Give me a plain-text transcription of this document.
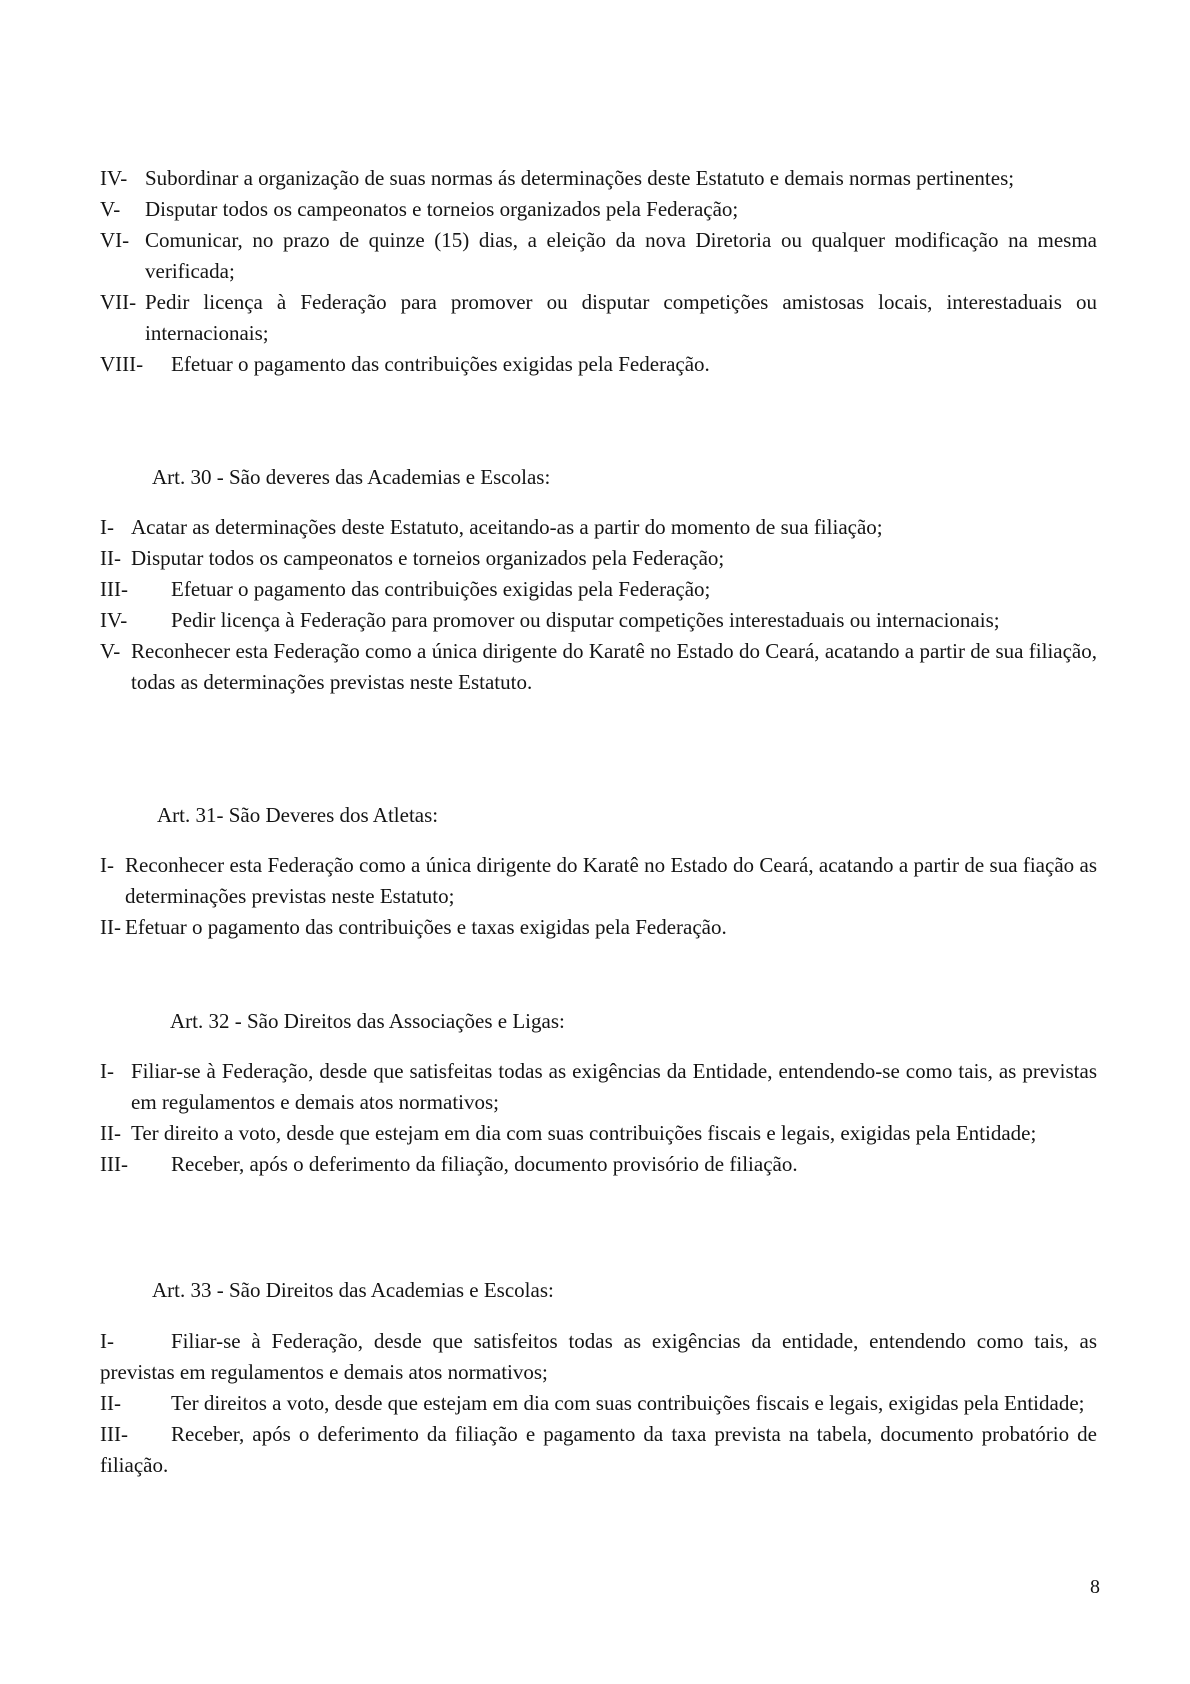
IV- Subordinar a organização de suas normas ás determinações deste Estatuto e demais normas pertinentes;
V-	Disputar todos os campeonatos e torneios organizados pela Federação;
VI- Comunicar, no prazo de quinze (15) dias, a eleição da nova Diretoria ou qualquer modificação na mesma verificada;
VII- Pedir licença à Federação para promover ou disputar competições amistosas locais, interestaduais ou internacionais;
VIII-	Efetuar o pagamento das contribuições exigidas pela Federação.
Art. 30 - São deveres das Academias e Escolas:
I- Acatar as determinações deste Estatuto, aceitando-as a partir do momento de sua filiação;
II- Disputar todos os campeonatos e torneios organizados pela Federação;
III-	Efetuar o pagamento das contribuições exigidas pela Federação;
IV- Pedir licença à Federação para promover ou disputar competições interestaduais ou internacionais;
V- Reconhecer esta Federação como a única dirigente do Karatê no Estado do Ceará, acatando a partir de sua filiação, todas as determinações previstas neste Estatuto.
Art. 31- São Deveres dos Atletas:
I- Reconhecer esta Federação como a única dirigente do Karatê no Estado do Ceará, acatando a partir de sua fiação as determinações previstas neste Estatuto;
II- Efetuar o pagamento das contribuições e taxas exigidas pela Federação.
Art. 32 - São Direitos das Associações e Ligas:
I- Filiar-se à Federação, desde que satisfeitas todas as exigências da Entidade, entendendo-se como tais, as previstas em regulamentos e demais atos normativos;
II- Ter direito a voto, desde que estejam em dia com suas contribuições fiscais e legais, exigidas pela Entidade;
III-	Receber, após o deferimento da filiação, documento provisório de filiação.
Art. 33 - São Direitos das Academias e Escolas:
I-	Filiar-se à Federação, desde que satisfeitos todas as exigências da entidade, entendendo como tais, as previstas em regulamentos e demais atos normativos;
II- Ter direitos a voto, desde que estejam em dia com suas contribuições fiscais e legais, exigidas pela Entidade;
III- Receber, após o deferimento da filiação e pagamento da taxa prevista na tabela, documento probatório de filiação.
8
